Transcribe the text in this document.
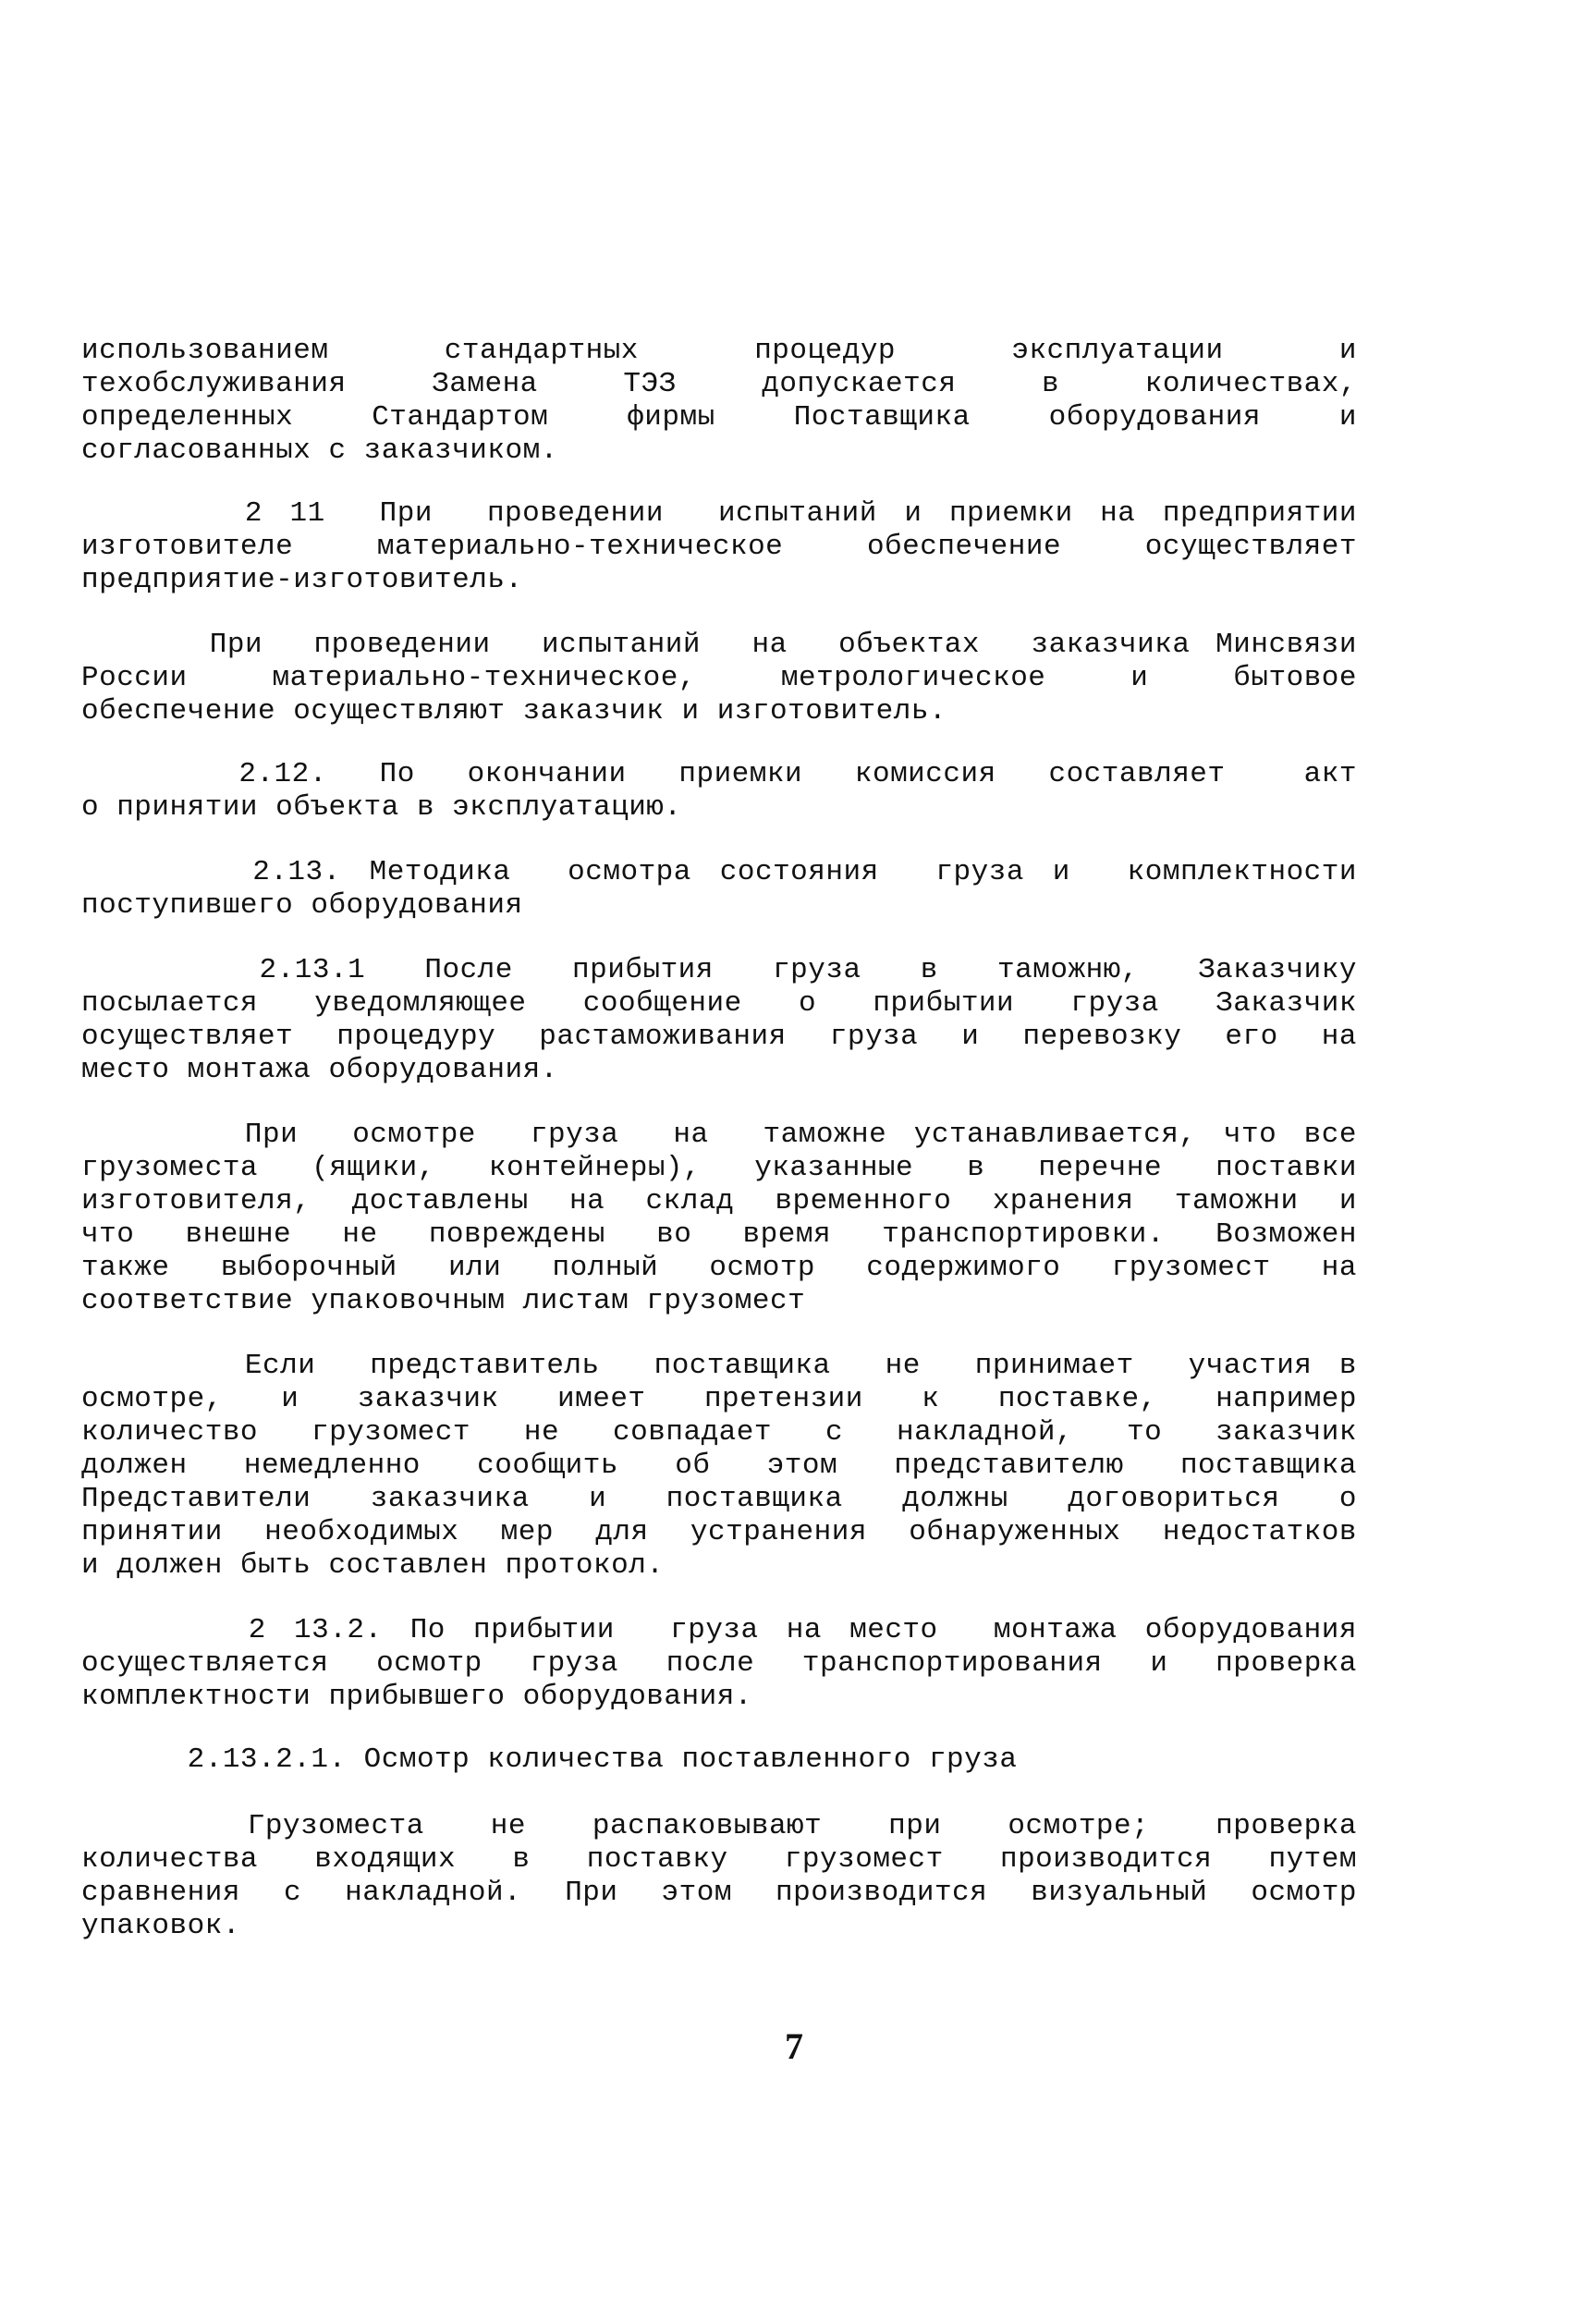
использованием стандартных процедур эксплуатации и
техобслуживания Замена ТЭЗ допускается в количествах,
определенных Стандартом фирмы Поставщика оборудования и
согласованных с заказчиком.
2 11  При  проведении  испытаний и приемки на предприятии
изготовителе материально-техническое обеспечение осуществляет
предприятие-изготовитель.
При  проведении  испытаний  на  объектах  заказчика Минсвязи
России материально-техническое, метрологическое и бытовое
обеспечение осуществляют заказчик и изготовитель.
2.12.  По  окончании  приемки  комиссия  составляет   акт
о принятии объекта в эксплуатацию.
2.13. Методика  осмотра состояния  груза и  комплектности
поступившего оборудования
2.13.1  После  прибытия  груза  в  таможню,  Заказчику
посылается уведомляющее сообщение о прибытии груза Заказчик
осуществляет процедуру растаможивания груза и перевозку его на
место монтажа оборудования.
При  осмотре  груза  на  таможне устанавливается, что все
грузоместа (ящики, контейнеры), указанные в перечне поставки
изготовителя, доставлены на склад временного хранения таможни и
что внешне не повреждены во время транспортировки. Возможен
также выборочный или полный осмотр содержимого грузомест на
соответствие упаковочным листам грузомест
Если  представитель  поставщика  не  принимает  участия в
осмотре, и заказчик имеет претензии к поставке, например
количество грузомест не совпадает с накладной, то заказчик
должен немедленно сообщить об этом представителю поставщика
Представители заказчика и поставщика должны договориться о
принятии необходимых мер для устранения обнаруженных недостатков
и должен быть составлен протокол.
2 13.2. По прибытии  груза на место  монтажа оборудования
осуществляется осмотр груза после транспортирования и проверка
комплектности прибывшего оборудования.
2.13.2.1. Осмотр количества поставленного груза
Грузоместа  не  распаковывают  при  осмотре;  проверка
количества входящих в поставку грузомест производится путем
сравнения с накладной. При этом производится визуальный осмотр
упаковок.
7
